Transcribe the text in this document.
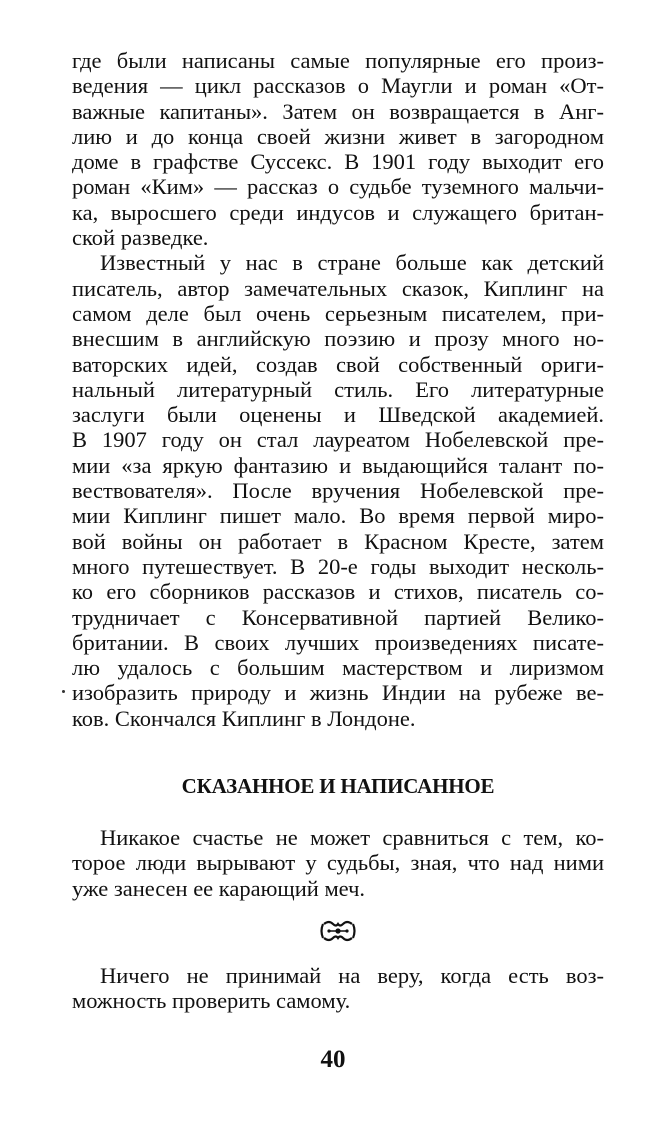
где были написаны самые популярные его произ-
ведения — цикл рассказов о Маугли и роман «От-
важные капитаны». Затем он возвращается в Анг-
лию и до конца своей жизни живет в загородном
доме в графстве Суссекс. В 1901 году выходит его
роман «Ким» — рассказ о судьбе туземного мальчи-
ка, выросшего среди индусов и служащего британ-
ской разведке.
Известный у нас в стране больше как детский
писатель, автор замечательных сказок, Киплинг на
самом деле был очень серьезным писателем, при-
внесшим в английскую поэзию и прозу много но-
ваторских идей, создав свой собственный ориги-
нальный литературный стиль. Его литературные
заслуги были оценены и Шведской академией.
В 1907 году он стал лауреатом Нобелевской пре-
мии «за яркую фантазию и выдающийся талант по-
вествователя». После вручения Нобелевской пре-
мии Киплинг пишет мало. Во время первой миро-
вой войны он работает в Красном Кресте, затем
много путешествует. В 20-е годы выходит несколь-
ко его сборников рассказов и стихов, писатель со-
трудничает с Консервативной партией Велико-
британии. В своих лучших произведениях писате-
лю удалось с большим мастерством и лиризмом
изобразить природу и жизнь Индии на рубеже ве-
ков. Скончался Киплинг в Лондоне.
СКАЗАННОЕ И НАПИСАННОЕ
Никакое счастье не может сравниться с тем, ко-
торое люди вырывают у судьбы, зная, что над ними
уже занесен ее карающий меч.
Ничего не принимай на веру, когда есть воз-
можность проверить самому.
40
